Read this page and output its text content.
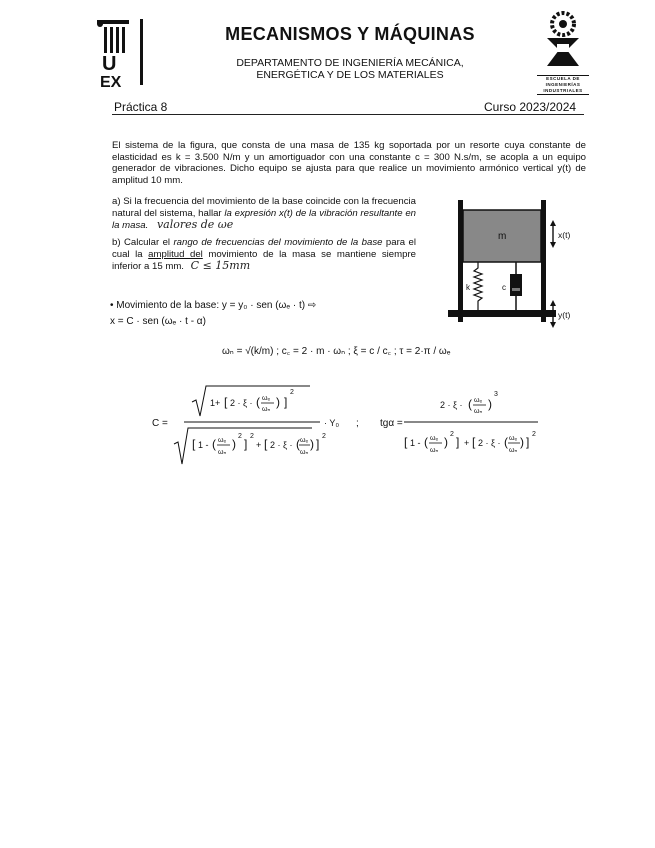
U
EX
MECANISMOS Y MÁQUINAS
DEPARTAMENTO DE INGENIERÍA MECÁNICA,
ENERGÉTICA Y DE LOS MATERIALES	ESCUELA DE
INGENIERÍAS
INDUSTRIALES
Práctica 8	Curso 2023/2024
El sistema de la figura, que consta de una masa de 135 kg soportada por un resorte cuya constante de elasticidad es k = 3.500 N/m y un amortiguador con una constante c = 300 N.s/m, se acopla a un equipo generador de vibraciones. Dicho equipo se ajusta para que realice un movimiento armónico vertical y(t) de amplitud 10 mm.
a) Si la frecuencia del movimiento de la base coincide con la frecuencia natural del sistema, hallar la expresión x(t) de la vibración resultante en la masa. valores de ωe
b) Calcular el rango de frecuencias del movimiento de la base para el cual la amplitud del movimiento de la masa se mantiene siempre inferior a 15 mm. C ≤ 15mm
m
k	c
x(t)
y(t)
• Movimiento de la base: y = y₀ · sen (ωₑ · t) ⇨
x = C · sen (ωₑ · t - α)
ωₙ = √(k/m) ; c꜀ = 2 · m · ωₙ ; ξ = c / c꜀ ; τ = 2·π / ωₑ
C =
1+ [ 2 · ξ · ( ωₑ
ωₙ
) ]
2
[ 1 - ( ωₑ
ωₙ
)
2
]
2
+ [ 2 · ξ · ( ωₑ
ωₙ
) ]
2
· Y₀ ; tgα =
2 · ξ · ( ωₑ
ωₙ
)
3
[ 1 - ( ωₑ
ωₙ
)
2
] + [ 2 · ξ · ( ωₑ
ωₙ
) ]
2
